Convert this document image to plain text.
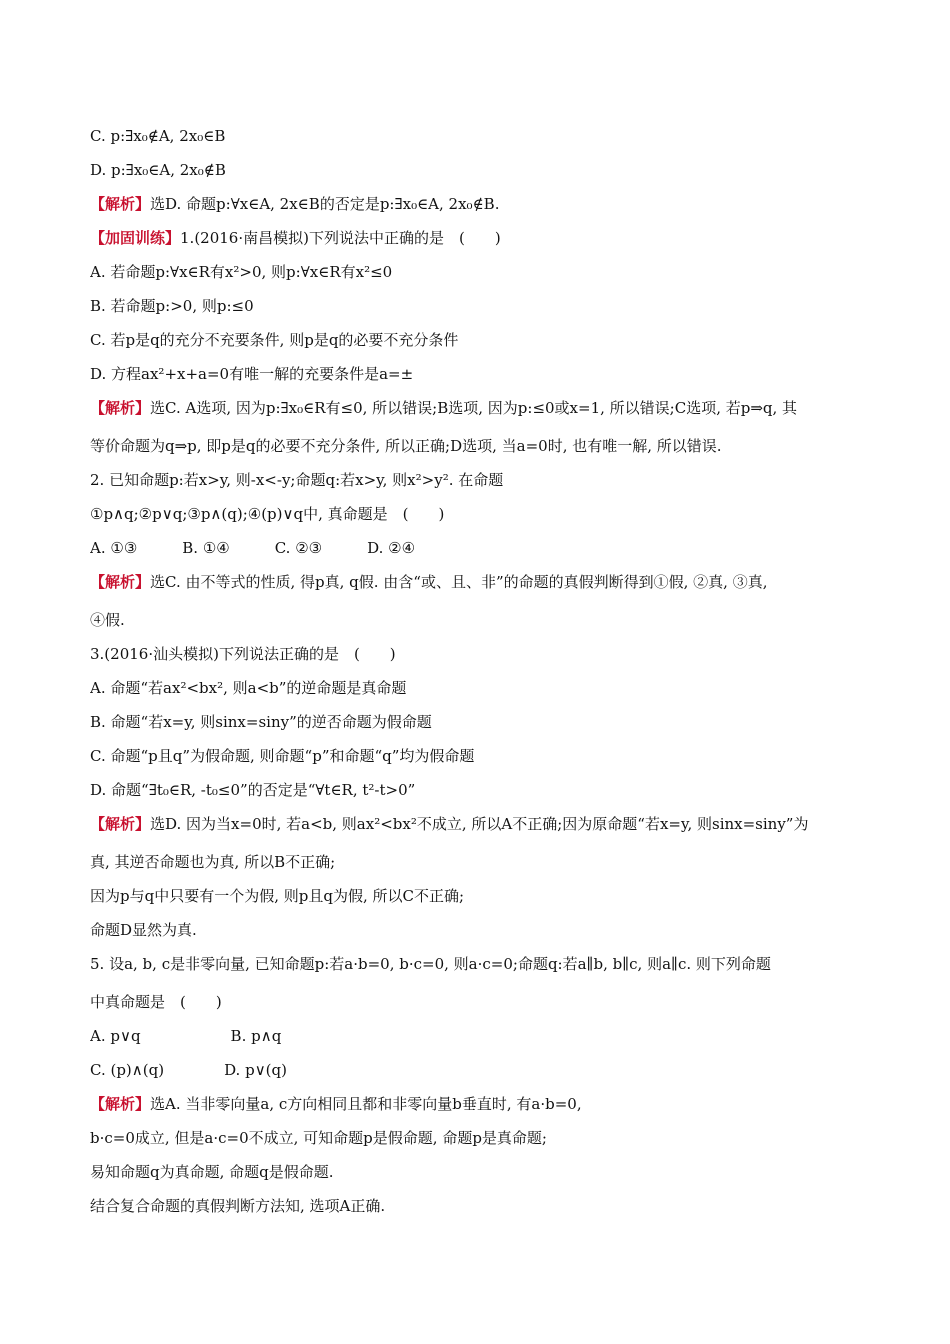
C. p:∃x₀∉A, 2x₀∈B
D. p:∃x₀∈A, 2x₀∉B
【解析】选D. 命题p:∀x∈A, 2x∈B的否定是p:∃x₀∈A, 2x₀∉B.
【加固训练】1.(2016·南昌模拟)下列说法中正确的是　(　　)
A. 若命题p:∀x∈R有x²>0, 则p:∀x∈R有x²≤0
B. 若命题p:>0, 则p:≤0
C. 若p是q的充分不充要条件, 则p是q的必要不充分条件
D. 方程ax²+x+a=0有唯一解的充要条件是a=±
【解析】选C. A选项, 因为p:∃x₀∈R有≤0, 所以错误;B选项, 因为p:≤0或x=1, 所以错误;C选项, 若p⇒q, 其
等价命题为q⇒p, 即p是q的必要不充分条件, 所以正确;D选项, 当a=0时, 也有唯一解, 所以错误.
2. 已知命题p:若x>y, 则-x<-y;命题q:若x>y, 则x²>y². 在命题
①p∧q;②p∨q;③p∧(q);④(p)∨q中, 真命题是　(　　)
A. ①③　　　B. ①④　　　C. ②③　　　D. ②④
【解析】选C. 由不等式的性质, 得p真, q假. 由含“或、且、非”的命题的真假判断得到①假, ②真, ③真,
④假.
3.(2016·汕头模拟)下列说法正确的是　(　　)
A. 命题“若ax²<bx², 则a<b”的逆命题是真命题
B. 命题“若x=y, 则sinx=siny”的逆否命题为假命题
C. 命题“p且q”为假命题, 则命题“p”和命题“q”均为假命题
D. 命题“∃t₀∈R, -t₀≤0”的否定是“∀t∈R, t²-t>0”
【解析】选D. 因为当x=0时, 若a<b, 则ax²<bx²不成立, 所以A不正确;因为原命题“若x=y, 则sinx=siny”为
真, 其逆否命题也为真, 所以B不正确;
因为p与q中只要有一个为假, 则p且q为假, 所以C不正确;
命题D显然为真.
5. 设a, b, c是非零向量, 已知命题p:若a·b=0, b·c=0, 则a·c=0;命题q:若a∥b, b∥c, 则a∥c. 则下列命题
中真命题是　(　　)
A. p∨q　　　　　　B. p∧q
C. (p)∧(q)　　　　D. p∨(q)
【解析】选A. 当非零向量a, c方向相同且都和非零向量b垂直时, 有a·b=0,
b·c=0成立, 但是a·c=0不成立, 可知命题p是假命题, 命题p是真命题;
易知命题q为真命题, 命题q是假命题.
结合复合命题的真假判断方法知, 选项A正确.
